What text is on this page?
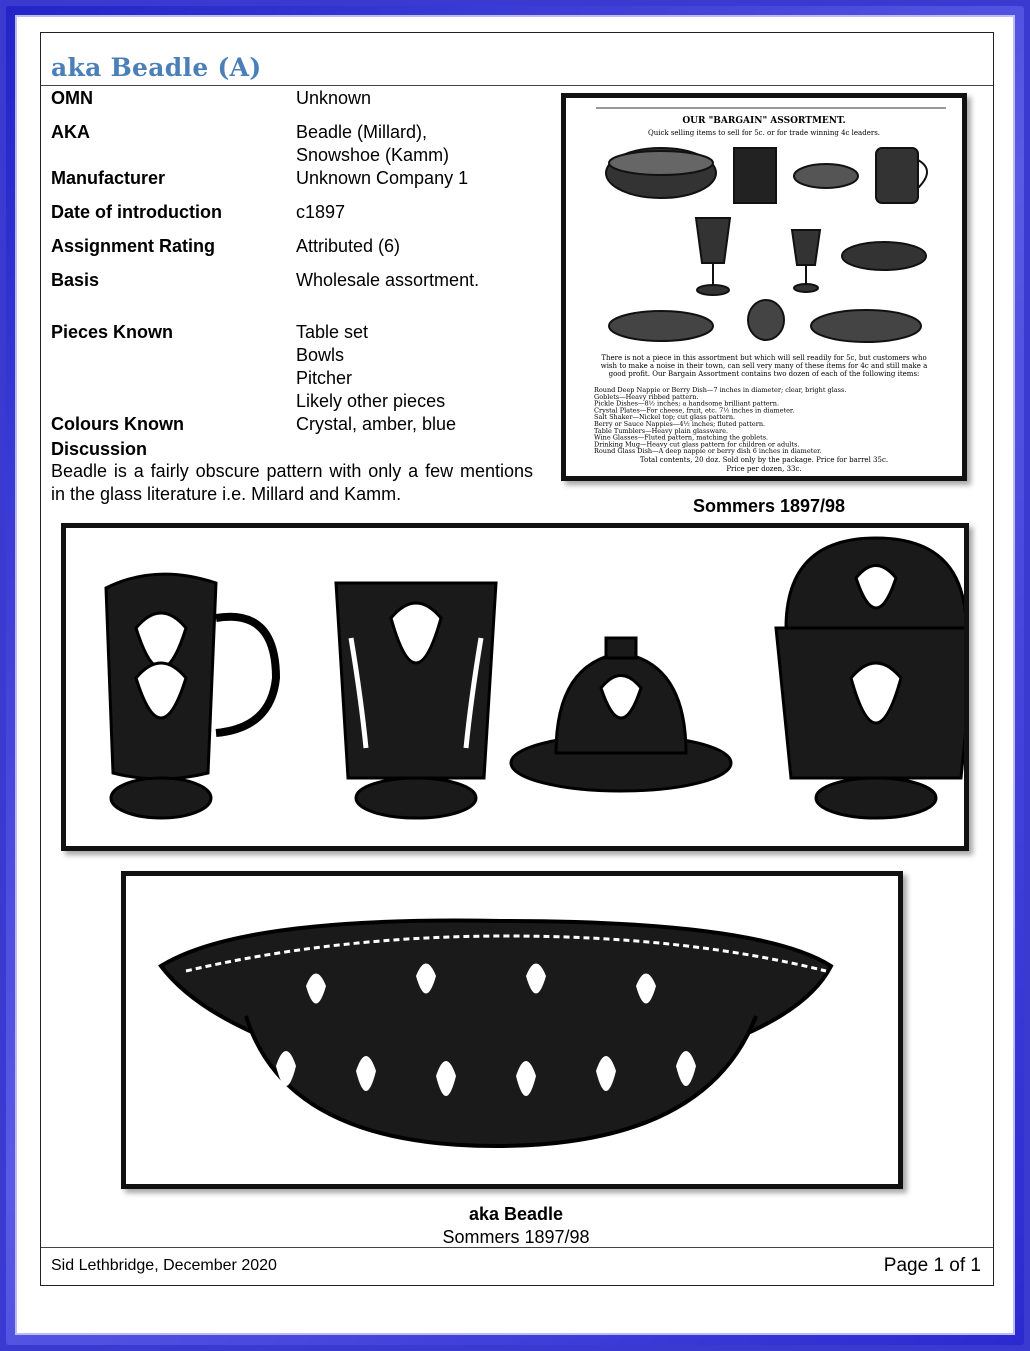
aka Beadle (A)
OMN	Unknown
AKA	Beadle (Millard),
Snowshoe (Kamm)
Manufacturer	Unknown Company 1
Date of introduction	c1897
Assignment Rating	Attributed (6)
Basis	Wholesale assortment.
Pieces Known	Table set
Bowls
Pitcher
Likely other pieces
Colours Known	Crystal, amber, blue
Discussion
Beadle is a fairly obscure pattern with only a few mentions in the glass literature i.e. Millard and Kamm.
OUR "BARGAIN" ASSORTMENT.
Quick selling items to sell for 5c. or for trade winning 4c leaders.
There is not a piece in this assortment but which will sell readily for 5c, but customers who wish to make a noise in their town, can sell very many of these items for 4c and still make a good profit. Our Bargain Assortment contains two dozen of each of the following items:
Round Deep Nappie or Berry Dish—7 inches in diameter; clear, bright glass.
Goblets—Heavy ribbed pattern.
Pickle Dishes—8½ inches; a handsome brilliant pattern.
Crystal Plates—For cheese, fruit, etc. 7½ inches in diameter.
Salt Shaker—Nickel top; cut glass pattern.
Berry or Sauce Nappies—4½ inches; fluted pattern.
Table Tumblers—Heavy plain glassware.
Wine Glasses—Fluted pattern, matching the goblets.
Drinking Mug—Heavy cut glass pattern for children or adults.
Round Glass Dish—A deep nappie or berry dish 6 inches in diameter.
Total contents, 20 doz. Sold only by the package. Price for barrel 35c.
Price per dozen, 33c.
Sommers 1897/98
aka Beadle
Sommers 1897/98
Sid Lethbridge, December 2020	Page 1 of 1
